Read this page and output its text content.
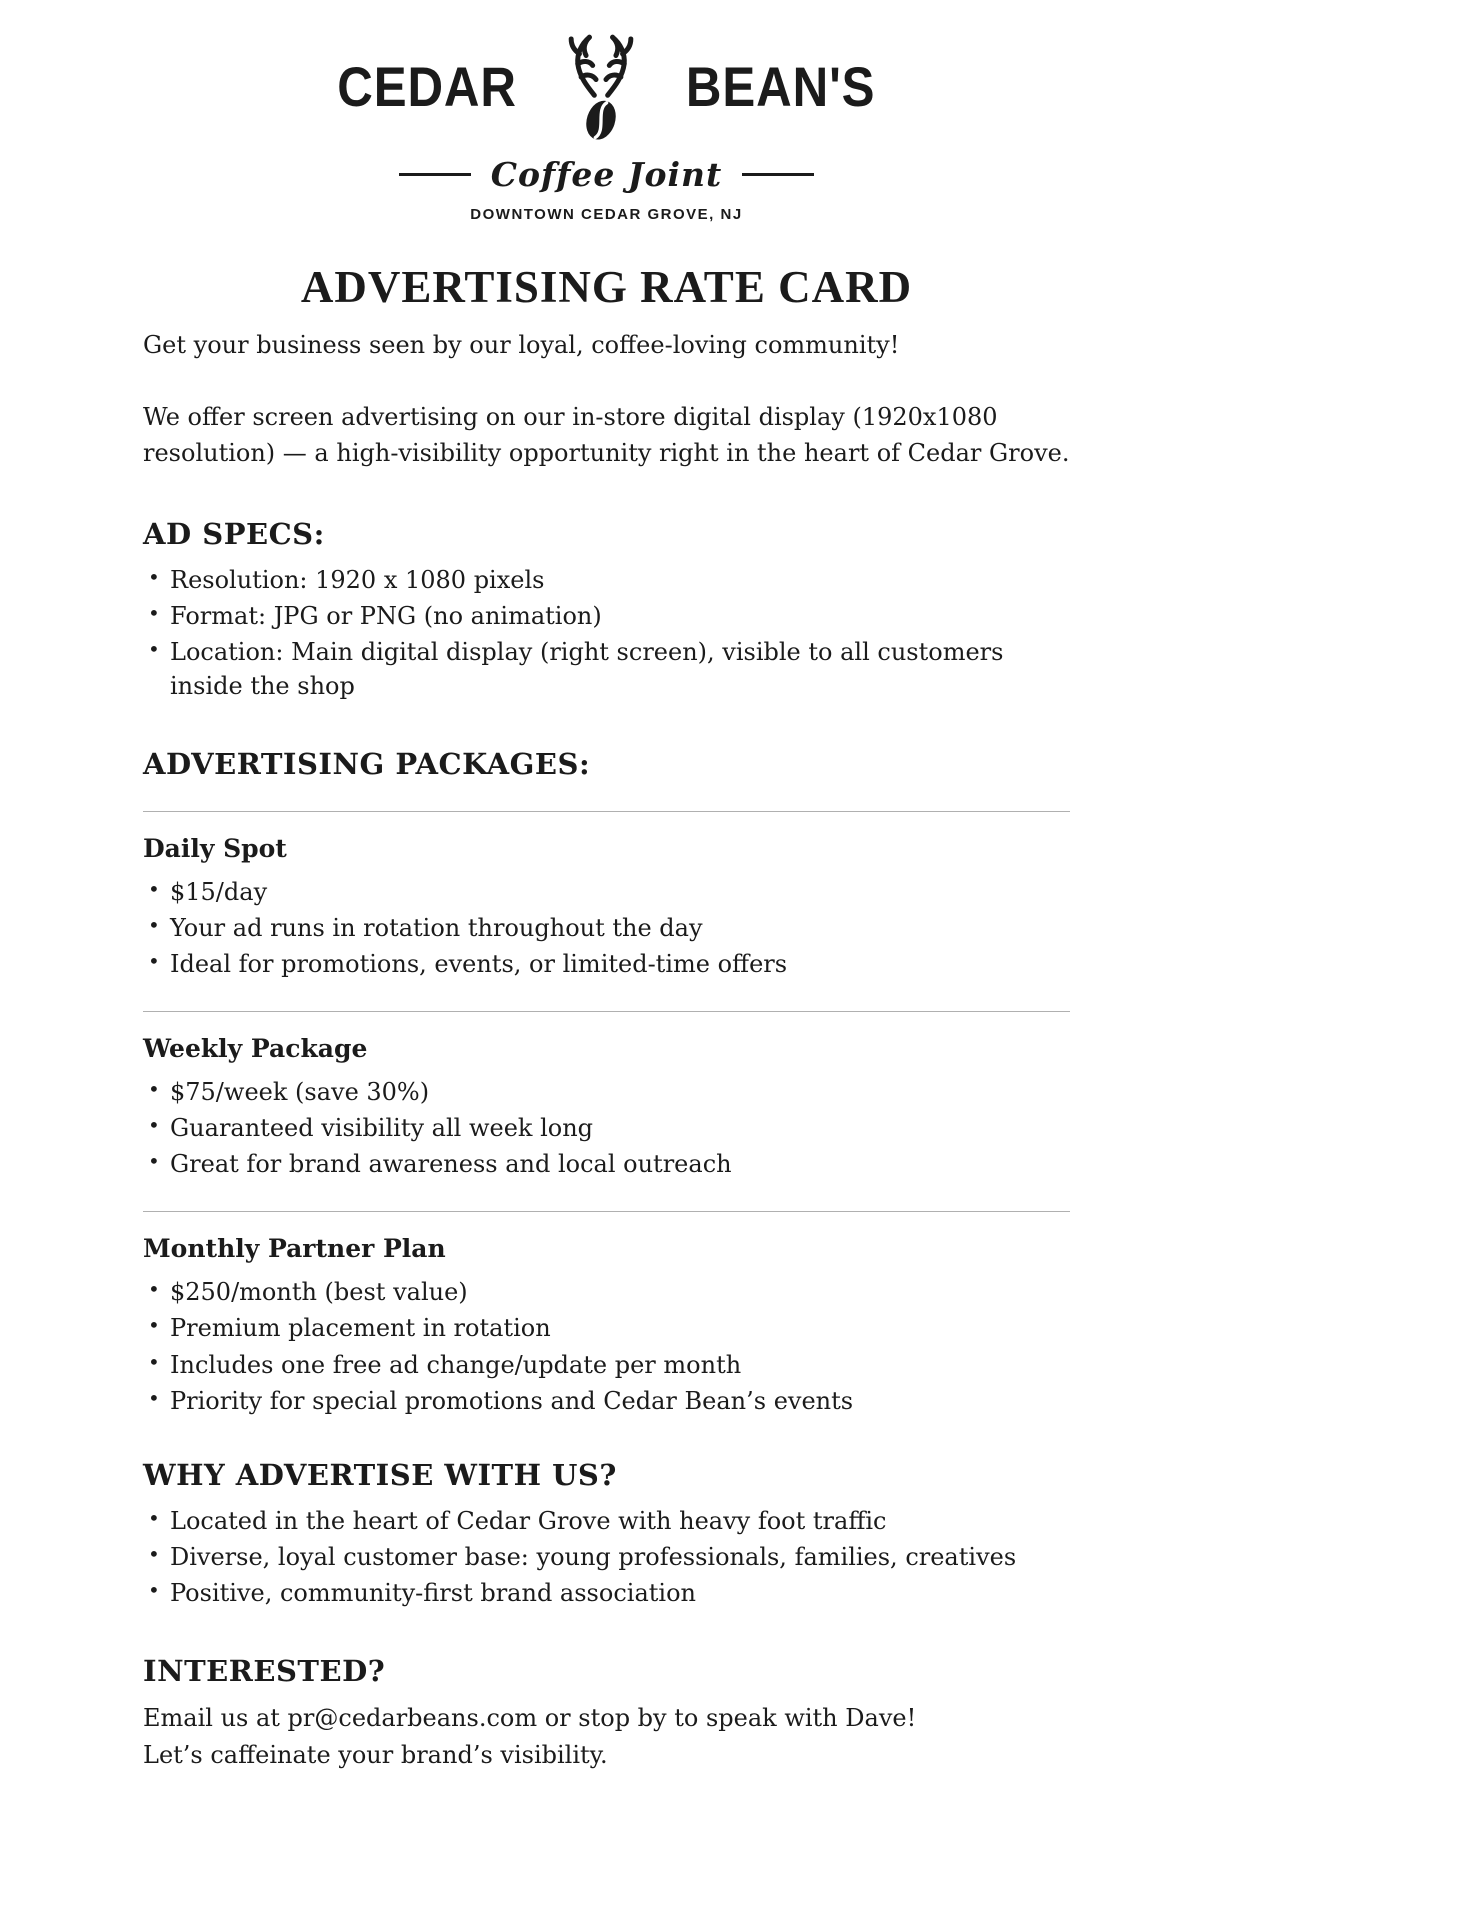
CEDAR	BEAN'S
Coffee Joint
DOWNTOWN CEDAR GROVE, NJ
ADVERTISING RATE CARD

Get your business seen by our loyal, coffee-loving community!

We offer screen advertising on our in-store digital display (1920x1080 resolution) — a high-visibility opportunity right in the heart of Cedar Grove.

AD SPECS:
• Resolution: 1920 x 1080 pixels
• Format: JPG or PNG (no animation)
• Location: Main digital display (right screen), visible to all customers inside the shop
ADVERTISING PACKAGES:
Daily Spot
• $15/day
• Your ad runs in rotation throughout the day
• Ideal for promotions, events, or limited-time offers
Weekly Package
• $75/week (save 30%)
• Guaranteed visibility all week long
• Great for brand awareness and local outreach
Monthly Partner Plan
• $250/month (best value)
• Premium placement in rotation
• Includes one free ad change/update per month
• Priority for special promotions and Cedar Bean’s events
WHY ADVERTISE WITH US?
• Located in the heart of Cedar Grove with heavy foot traffic
• Diverse, loyal customer base: young professionals, families, creatives
• Positive, community-first brand association
INTERESTED?

Email us at pr@cedarbeans.com or stop by to speak with Dave!

Let’s caffeinate your brand’s visibility.
